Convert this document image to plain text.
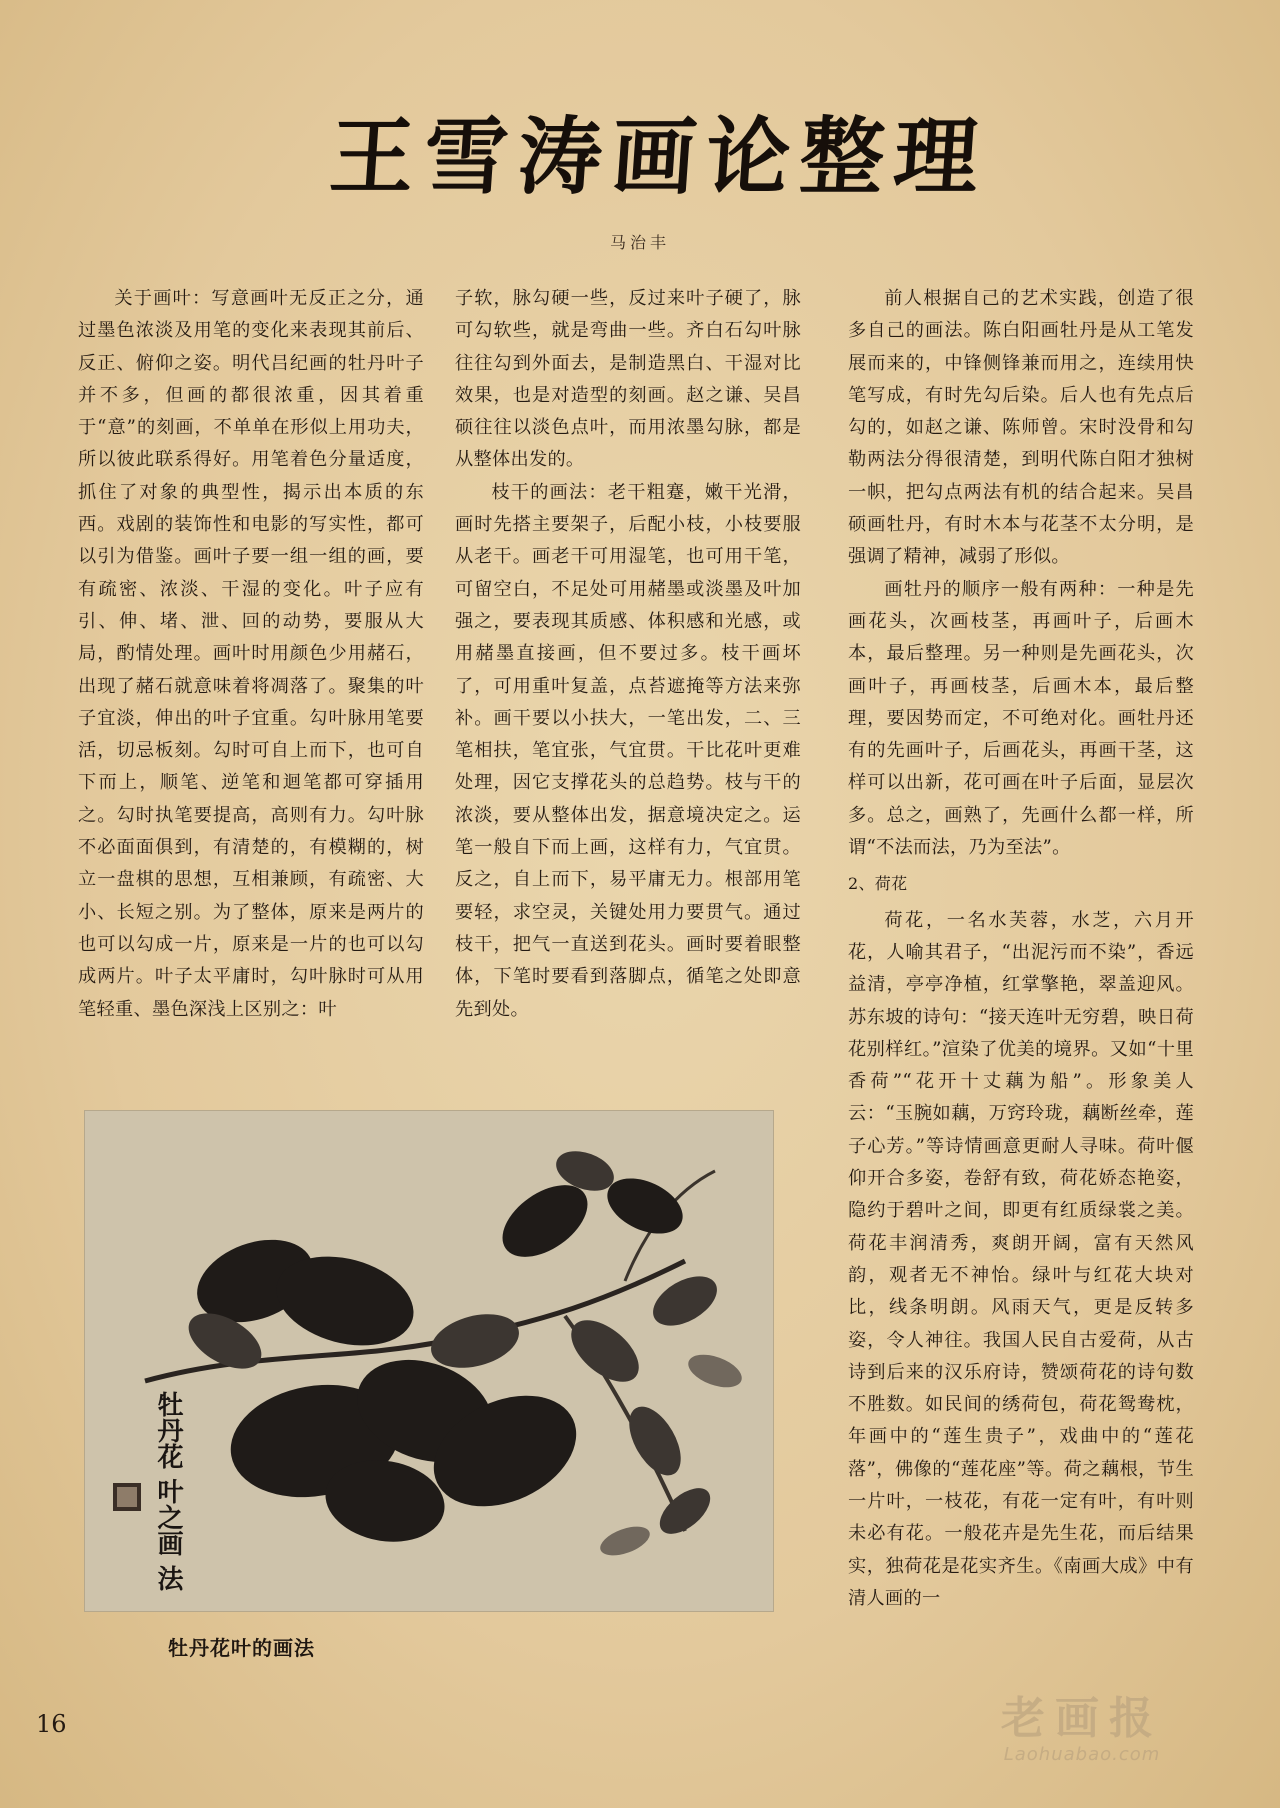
王雪涛画论整理
马治丰

关于画叶：写意画叶无反正之分，通过墨色浓淡及用笔的变化来表现其前后、反正、俯仰之姿。明代吕纪画的牡丹叶子并不多，但画的都很浓重，因其着重于“意”的刻画，不单单在形似上用功夫，所以彼此联系得好。用笔着色分量适度，抓住了对象的典型性，揭示出本质的东西。戏剧的装饰性和电影的写实性，都可以引为借鉴。画叶子要一组一组的画，要有疏密、浓淡、干湿的变化。叶子应有引、伸、堵、泄、回的动势，要服从大局，酌情处理。画叶时用颜色少用赭石，出现了赭石就意味着将凋落了。聚集的叶子宜淡，伸出的叶子宜重。勾叶脉用笔要活，切忌板刻。勾时可自上而下，也可自下而上，顺笔、逆笔和迴笔都可穿插用之。勾时执笔要提高，高则有力。勾叶脉不必面面俱到，有清楚的，有模糊的，树立一盘棋的思想，互相兼顾，有疏密、大小、长短之别。为了整体，原来是两片的也可以勾成一片，原来是一片的也可以勾成两片。叶子太平庸时，勾叶脉时可从用笔轻重、墨色深浅上区别之：叶

子软，脉勾硬一些，反过来叶子硬了，脉可勾软些，就是弯曲一些。齐白石勾叶脉往往勾到外面去，是制造黑白、干湿对比效果，也是对造型的刻画。赵之谦、吴昌硕往往以淡色点叶，而用浓墨勾脉，都是从整体出发的。

枝干的画法：老干粗蹇，嫩干光滑，画时先搭主要架子，后配小枝，小枝要服从老干。画老干可用湿笔，也可用干笔，可留空白，不足处可用赭墨或淡墨及叶加强之，要表现其质感、体积感和光感，或用赭墨直接画，但不要过多。枝干画坏了，可用重叶复盖，点苔遮掩等方法来弥补。画干要以小扶大，一笔出发，二、三笔相扶，笔宜张，气宜贯。干比花叶更难处理，因它支撑花头的总趋势。枝与干的浓淡，要从整体出发，据意境决定之。运笔一般自下而上画，这样有力，气宜贯。反之，自上而下，易平庸无力。根部用笔要轻，求空灵，关键处用力要贯气。通过枝干，把气一直送到花头。画时要着眼整体，下笔时要看到落脚点，循笔之处即意先到处。

前人根据自己的艺术实践，创造了很多自己的画法。陈白阳画牡丹是从工笔发展而来的，中锋侧锋兼而用之，连续用快笔写成，有时先勾后染。后人也有先点后勾的，如赵之谦、陈师曾。宋时没骨和勾勒两法分得很清楚，到明代陈白阳才独树一帜，把勾点两法有机的结合起来。吴昌硕画牡丹，有时木本与花茎不太分明，是强调了精神，减弱了形似。

画牡丹的顺序一般有两种：一种是先画花头，次画枝茎，再画叶子，后画木本，最后整理。另一种则是先画花头，次画叶子，再画枝茎，后画木本，最后整理，要因势而定，不可绝对化。画牡丹还有的先画叶子，后画花头，再画干茎，这样可以出新，花可画在叶子后面，显层次多。总之，画熟了，先画什么都一样，所谓“不法而法，乃为至法”。

2、荷花

荷花，一名水芙蓉，水芝，六月开花，人喻其君子，“出泥污而不染”，香远益清，亭亭净植，红掌擎艳，翠盖迎风。苏东坡的诗句：“接天连叶无穷碧，映日荷花别样红。”渲染了优美的境界。又如“十里香荷”“花开十丈藕为船”。形象美人云：“玉腕如藕，万窍玲珑，藕断丝牵，莲子心芳。”等诗情画意更耐人寻味。荷叶偃仰开合多姿，卷舒有致，荷花娇态艳姿，隐约于碧叶之间，即更有红质绿裳之美。荷花丰润清秀，爽朗开阔，富有天然风韵，观者无不神怡。绿叶与红花大块对比，线条明朗。风雨天气，更是反转多姿，令人神往。我国人民自古爱荷，从古诗到后来的汉乐府诗，赞颂荷花的诗句数不胜数。如民间的绣荷包，荷花鸳鸯枕，年画中的“莲生贵子”，戏曲中的“莲花落”，佛像的“莲花座”等。荷之藕根，节生一片叶，一枝花，有花一定有叶，有叶则未必有花。一般花卉是先生花，而后结果实，独荷花是花实齐生。《南画大成》中有清人画的一

牡丹花 叶之画 法
牡丹花叶的画法
16	老画报
Laohuabao.com
